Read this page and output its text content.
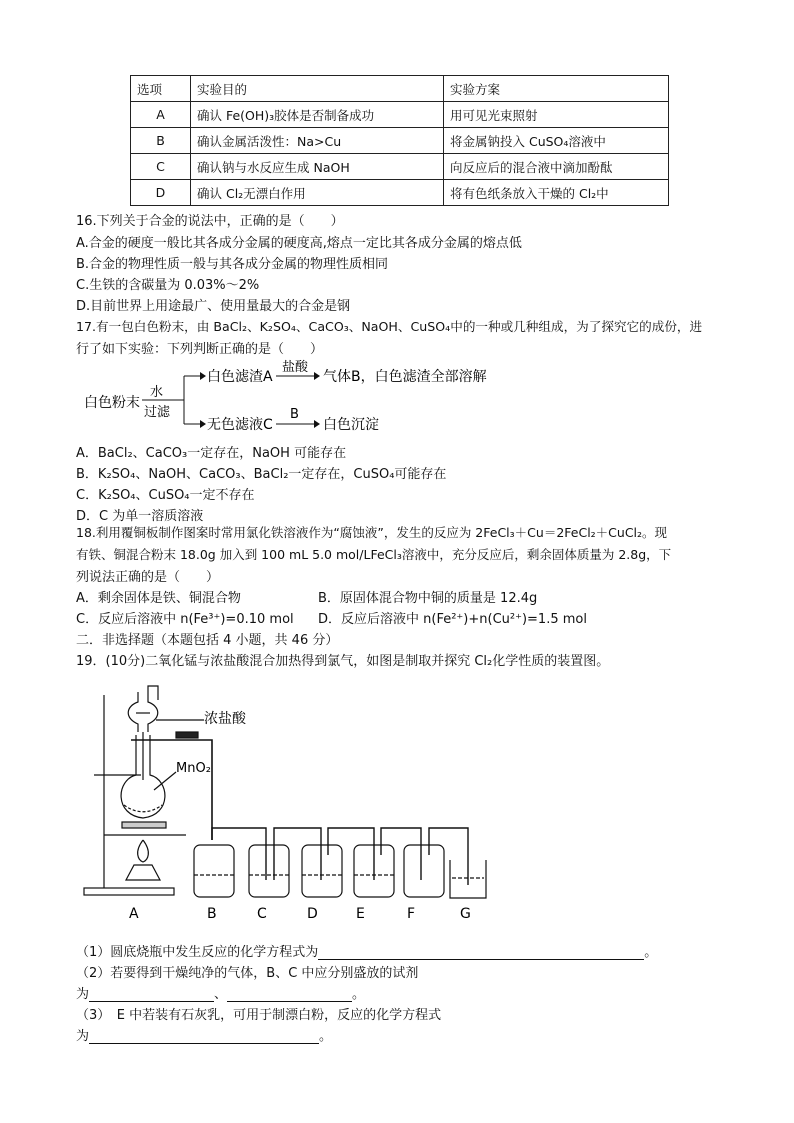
选项	实验目的	实验方案
A	确认 Fe(OH)₃胶体是否制备成功	用可见光束照射
B	确认金属活泼性：Na>Cu	将金属钠投入 CuSO₄溶液中
C	确认钠与水反应生成 NaOH	向反应后的混合液中滴加酚酞
D	确认 Cl₂无漂白作用	将有色纸条放入干燥的 Cl₂中
16.下列关于合金的说法中，正确的是（　　）
A.合金的硬度一般比其各成分金属的硬度高,熔点一定比其各成分金属的熔点低
B.合金的物理性质一般与其各成分金属的物理性质相同
C.生铁的含碳量为 0.03%～2%
D.目前世界上用途最广、使用量最大的合金是钢
17.有一包白色粉末，由 BaCl₂、K₂SO₄、CaCO₃、NaOH、CuSO₄中的一种或几种组成，为了探究它的成份，进
行了如下实验：下列判断正确的是（　　）
白色粉末
水
过滤
白色滤渣A
盐酸
气体B，白色滤渣全部溶解
无色滤液C
B
白色沉淀
A．BaCl₂、CaCO₃一定存在，NaOH 可能存在
B．K₂SO₄、NaOH、CaCO₃、BaCl₂一定存在，CuSO₄可能存在
C．K₂SO₄、CuSO₄一定不存在
D．C 为单一溶质溶液
18.利用覆铜板制作图案时常用氯化铁溶液作为“腐蚀液”，发生的反应为 2FeCl₃＋Cu＝2FeCl₂＋CuCl₂。现
有铁、铜混合粉末 18.0g 加入到 100 mL 5.0 mol/LFeCl₃溶液中，充分反应后，剩余固体质量为 2.8g，下
列说法正确的是（　　）
A．剩余固体是铁、铜混合物	B．原固体混合物中铜的质量是 12.4g
C．反应后溶液中 n(Fe³⁺)=0.10 mol D．反应后溶液中 n(Fe²⁺)+n(Cu²⁺)=1.5 mol
二．非选择题（本题包括 4 小题，共 46 分）
19．(10分)二氧化锰与浓盐酸混合加热得到氯气，如图是制取并探究 Cl₂化学性质的装置图。
浓盐酸
MnO₂
A	B	C	D	E	F	G
（1）圆底烧瓶中发生反应的化学方程式为	。
（2）若要得到干燥纯净的气体，B、C 中应分别盛放的试剂
为	、	。
（3）　E 中若装有石灰乳，可用于制漂白粉，反应的化学方程式
为	。
